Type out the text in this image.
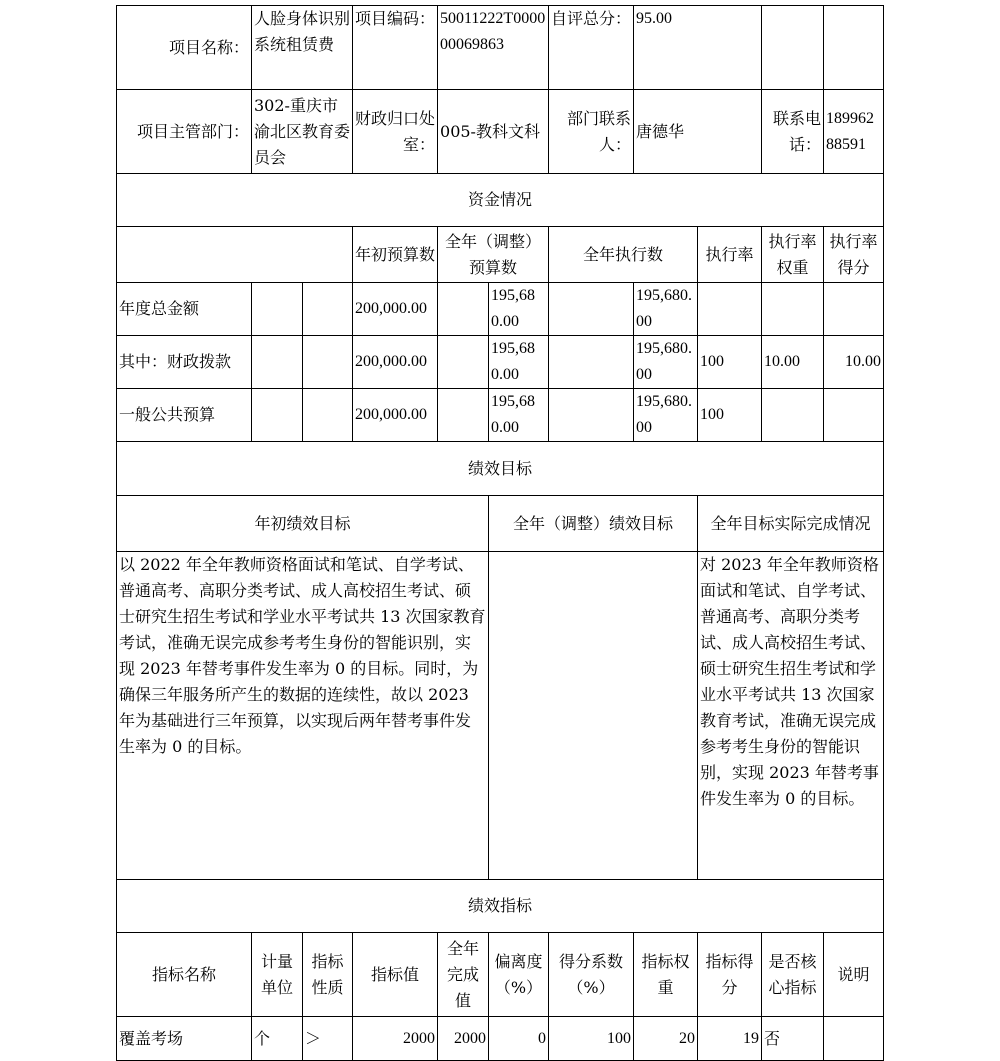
项目名称：	人脸身体识别系统租赁费		项目编码：	50011222T000000069863		自评总分：	95.00			
项目主管部门：	302-重庆市渝北区教育委员会		财政归口处室：	005-教科文科		部门联系人：	唐德华		联系电话：	18996288591
资金情况										
			年初预算数	全年（调整）预算数		全年执行数		执行率	执行率权重	执行率得分
年度总金额			200,000.00		195,680.00		195,680.00			
其中：财政拨款			200,000.00		195,680.00		195,680.00	100	10.00	10.00
一般公共预算			200,000.00		195,680.00		195,680.00	100		
绩效目标										
年初绩效目标					全年（调整）绩效目标			全年目标实际完成情况		
以 2022 年全年教师资格面试和笔试、自学考试、普通高考、高职分类考试、成人高校招生考试、硕士研究生招生考试和学业水平考试共 13 次国家教育考试，准确无误完成参考考生身份的智能识别，实现 2023 年替考事件发生率为 0 的目标。同时，为确保三年服务所产生的数据的连续性，故以 2023 年为基础进行三年预算，以实现后两年替考事件发生率为 0 的目标。								对 2023 年全年教师资格面试和笔试、自学考试、普通高考、高职分类考试、成人高校招生考试、硕士研究生招生考试和学业水平考试共 13 次国家教育考试，准确无误完成参考考生身份的智能识别，实现 2023 年替考事件发生率为 0 的目标。		
绩效指标										
指标名称	计量单位	指标性质	指标值	全年完成值	偏离度（%）	得分系数（%）	指标权重	指标得分	是否核心指标	说明
覆盖考场	个	＞	2000	2000	0	100	20	19	否	
